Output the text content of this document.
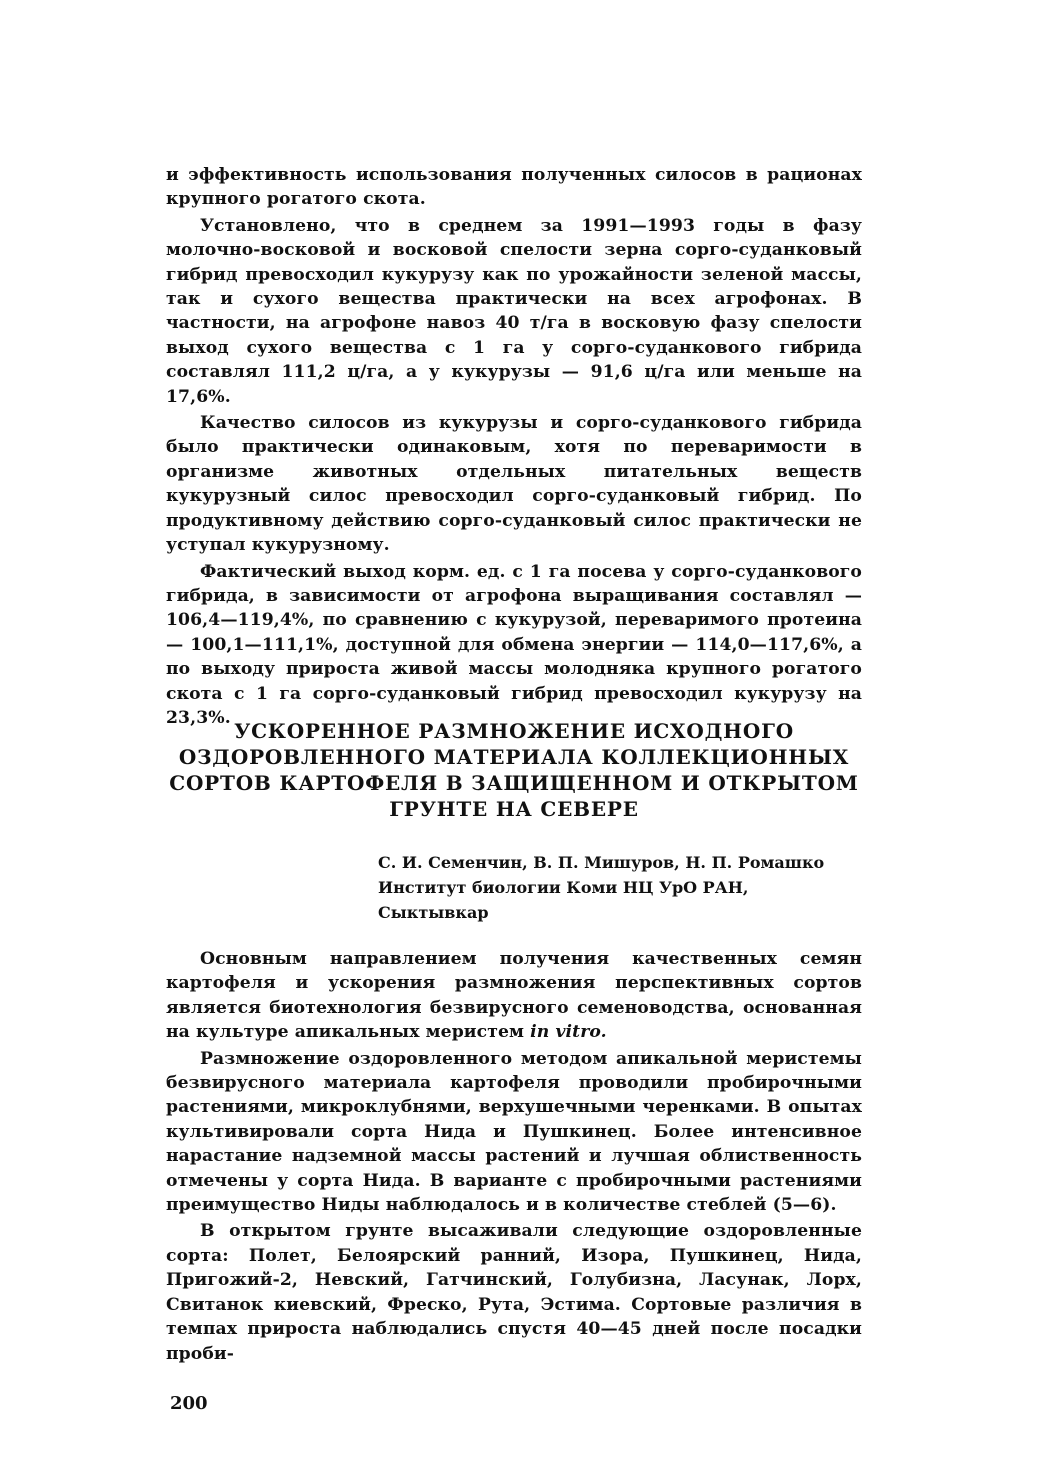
и эффективность использования полученных силосов в рационах крупного рогатого скота.

Установлено, что в среднем за 1991—1993 годы в фазу молочно-восковой и восковой спелости зерна сорго-суданковый гибрид превосходил кукурузу как по урожайности зеленой массы, так и сухого вещества практически на всех агрофонах. В частности, на агрофоне навоз 40 т/га в восковую фазу спелости выход сухого вещества с 1 га у сорго-суданкового гибрида составлял 111,2 ц/га, а у кукурузы — 91,6 ц/га или меньше на 17,6%.

Качество силосов из кукурузы и сорго-суданкового гибрида было практически одинаковым, хотя по переваримости в организме животных отдельных питательных веществ кукурузный силос превосходил сорго-суданковый гибрид. По продуктивному действию сорго-суданковый силос практически не уступал кукурузному.

Фактический выход корм. ед. с 1 га посева у сорго-суданкового гибрида, в зависимости от агрофона выращивания составлял — 106,4—119,4%, по сравнению с кукурузой, переваримого протеина — 100,1—111,1%, доступной для обмена энергии — 114,0—117,6%, а по выходу прироста живой массы молодняка крупного рогатого скота с 1 га сорго-суданковый гибрид превосходил кукурузу на 23,3%.

УСКОРЕННОЕ РАЗМНОЖЕНИЕ ИСХОДНОГО
ОЗДОРОВЛЕННОГО МАТЕРИАЛА КОЛЛЕКЦИОННЫХ
СОРТОВ КАРТОФЕЛЯ В ЗАЩИЩЕННОМ И ОТКРЫТОМ
ГРУНТЕ НА СЕВЕРЕ
С. И. Семенчин, В. П. Мишуров, Н. П. Ромашко
Институт биологии Коми НЦ УрО РАН,
Сыктывкар

Основным направлением получения качественных семян картофеля и ускорения размножения перспективных сортов является биотехнология безвирусного семеноводства, основанная на культуре апикальных меристем in vitro.

Размножение оздоровленного методом апикальной меристемы безвирусного материала картофеля проводили пробирочными растениями, микроклубнями, верхушечными черенками. В опытах культивировали сорта Нида и Пушкинец. Более интенсивное нарастание надземной массы растений и лучшая облиственность отмечены у сорта Нида. В варианте с пробирочными растениями преимущество Ниды наблюдалось и в количестве стеблей (5—6).

В открытом грунте высаживали следующие оздоровленные сорта: Полет, Белоярский ранний, Изора, Пушкинец, Нида, Пригожий-2, Невский, Гатчинский, Голубизна, Ласунак, Лорх, Свитанок киевский, Фреско, Рута, Эстима. Сортовые различия в темпах прироста наблюдались спустя 40—45 дней после посадки проби-

200
